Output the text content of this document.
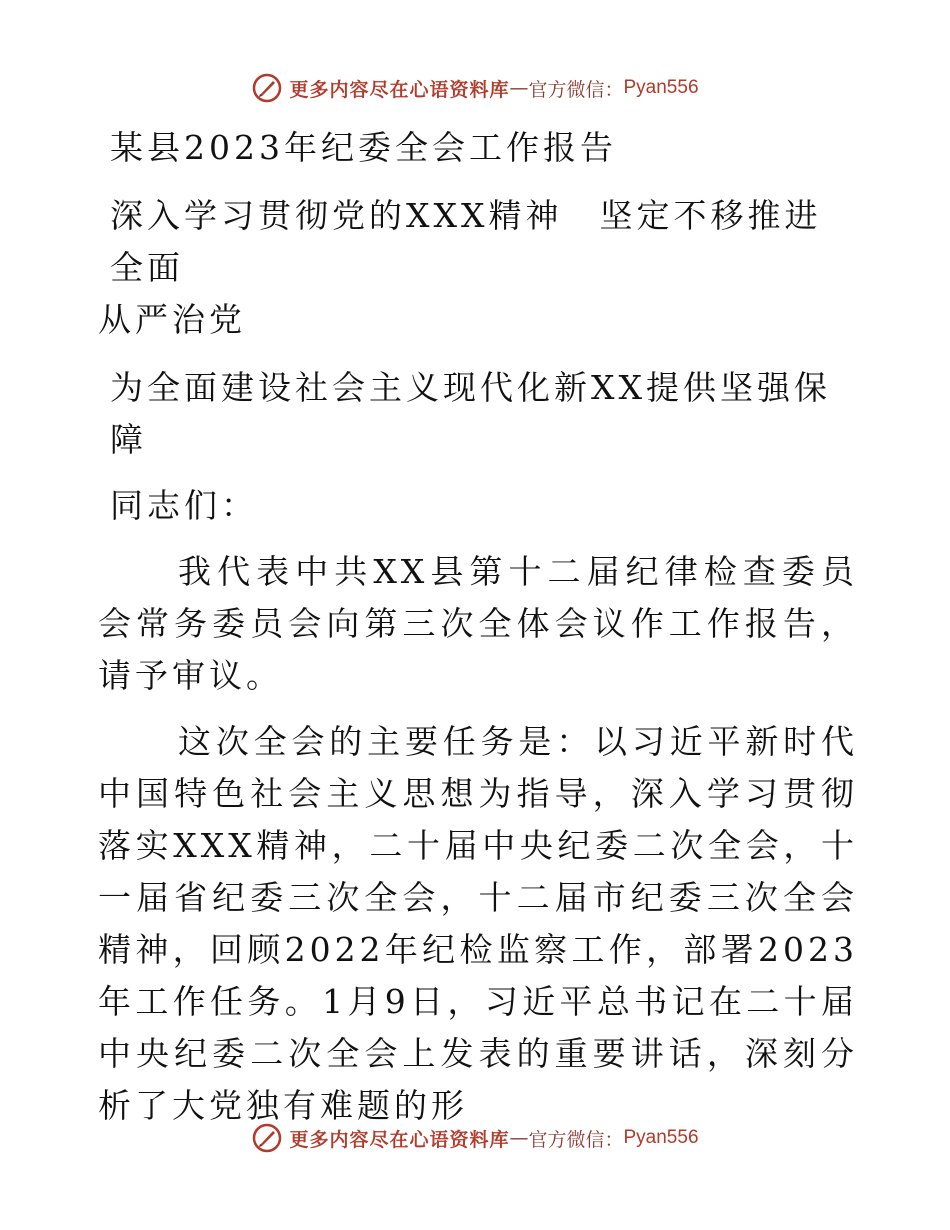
更多内容尽在心语资料库 — 官方微信： Pyan556
某县2023年纪委全会工作报告
深入学习贯彻党的XXX精神　坚定不移推进全面
从严治党
为全面建设社会主义现代化新XX提供坚强保障
同志们：
我代表中共XX县第十二届纪律检查委员会常务委员会向第三次全体会议作工作报告，请予审议。
这次全会的主要任务是：以习近平新时代中国特色社会主义思想为指导，深入学习贯彻落实XXX精神，二十届中央纪委二次全会，十一届省纪委三次全会，十二届市纪委三次全会精神，回顾2022年纪检监察工作，部署2023年工作任务。1月9日，习近平总书记在二十届中央纪委二次全会上发表的重要讲话，深刻分析了大党独有难题的形
更多内容尽在心语资料库 — 官方微信： Pyan556
